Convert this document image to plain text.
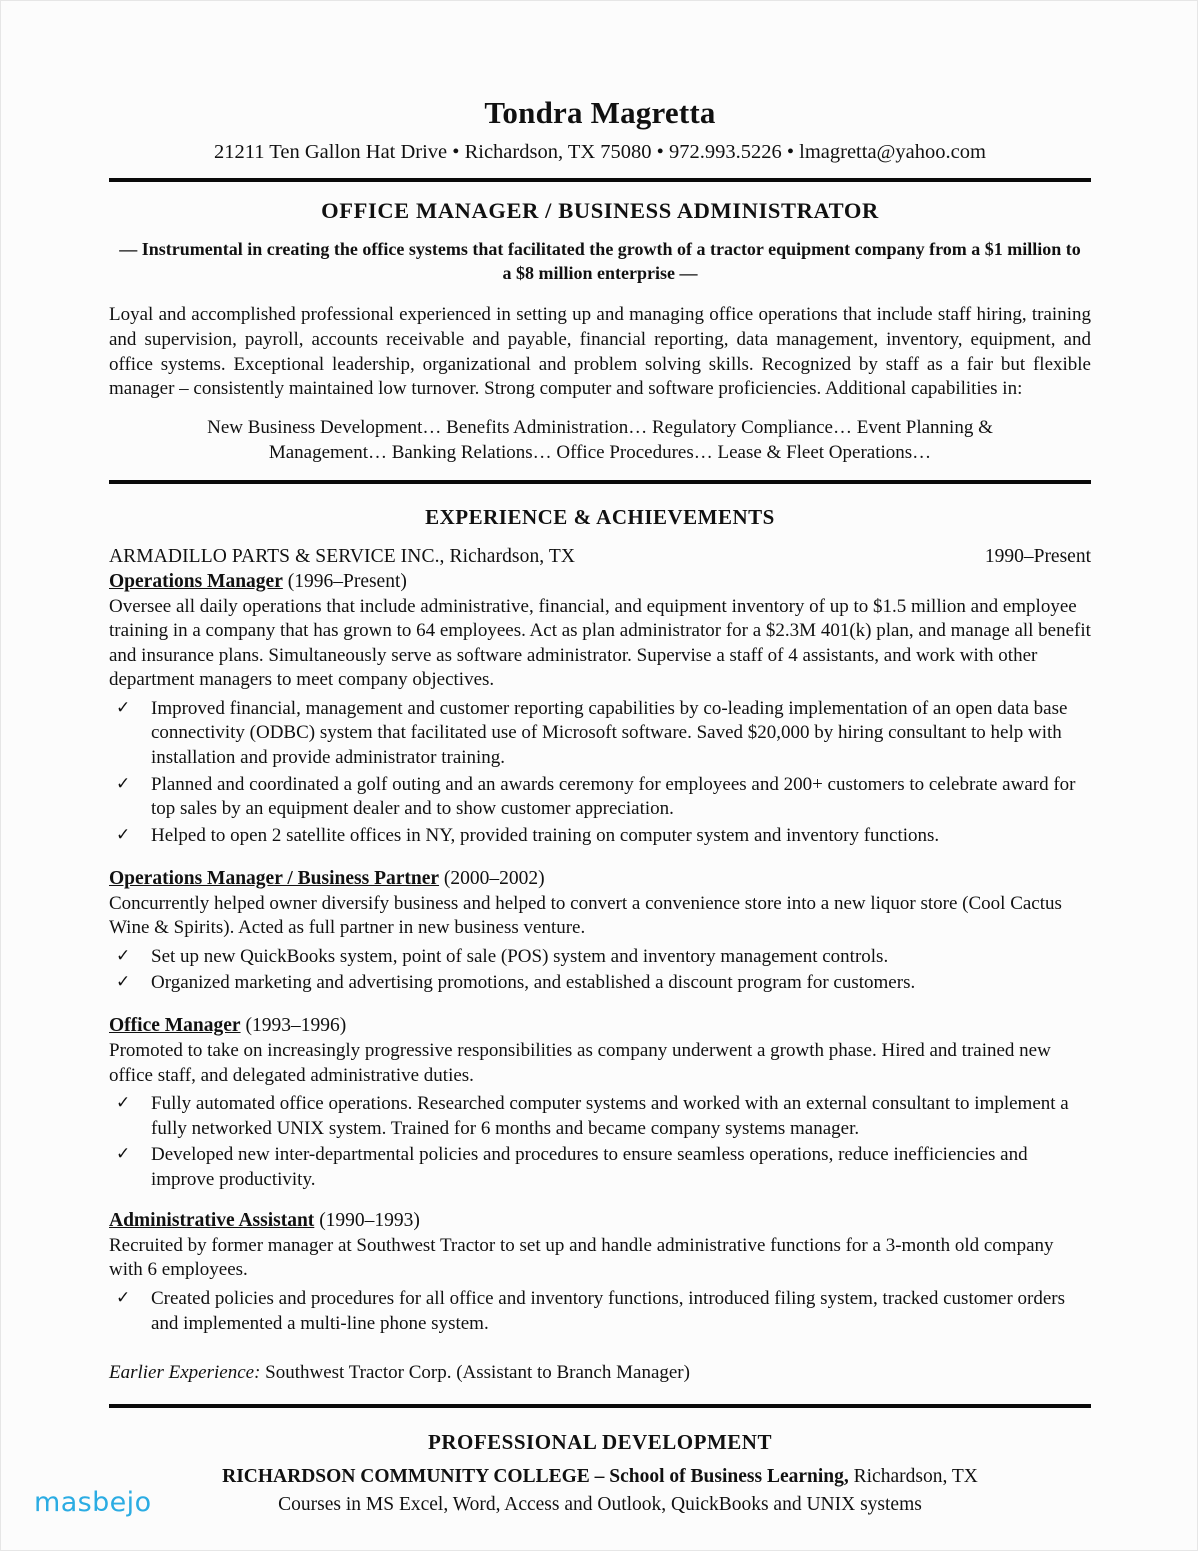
Tondra Magretta
21211 Ten Gallon Hat Drive • Richardson, TX 75080 • 972.993.5226 • lmagretta@yahoo.com
OFFICE MANAGER / BUSINESS ADMINISTRATOR
— Instrumental in creating the office systems that facilitated the growth of a tractor equipment company from a $1 million to a $8 million enterprise —
Loyal and accomplished professional experienced in setting up and managing office operations that include staff hiring, training and supervision, payroll, accounts receivable and payable, financial reporting, data management, inventory, equipment, and office systems. Exceptional leadership, organizational and problem solving skills. Recognized by staff as a fair but flexible manager – consistently maintained low turnover. Strong computer and software proficiencies. Additional capabilities in:
New Business Development… Benefits Administration… Regulatory Compliance… Event Planning & Management… Banking Relations… Office Procedures… Lease & Fleet Operations…
EXPERIENCE & ACHIEVEMENTS
ARMADILLO PARTS & SERVICE INC., Richardson, TX	1990–Present
Operations Manager (1996–Present)
Oversee all daily operations that include administrative, financial, and equipment inventory of up to $1.5 million and employee training in a company that has grown to 64 employees. Act as plan administrator for a $2.3M 401(k) plan, and manage all benefit and insurance plans. Simultaneously serve as software administrator. Supervise a staff of 4 assistants, and work with other department managers to meet company objectives.
✓ Improved financial, management and customer reporting capabilities by co-leading implementation of an open data base connectivity (ODBC) system that facilitated use of Microsoft software. Saved $20,000 by hiring consultant to help with installation and provide administrator training.
✓ Planned and coordinated a golf outing and an awards ceremony for employees and 200+ customers to celebrate award for top sales by an equipment dealer and to show customer appreciation.
✓ Helped to open 2 satellite offices in NY, provided training on computer system and inventory functions.
Operations Manager / Business Partner (2000–2002)
Concurrently helped owner diversify business and helped to convert a convenience store into a new liquor store (Cool Cactus Wine & Spirits). Acted as full partner in new business venture.
✓ Set up new QuickBooks system, point of sale (POS) system and inventory management controls.
✓ Organized marketing and advertising promotions, and established a discount program for customers.
Office Manager (1993–1996)
Promoted to take on increasingly progressive responsibilities as company underwent a growth phase. Hired and trained new office staff, and delegated administrative duties.
✓ Fully automated office operations. Researched computer systems and worked with an external consultant to implement a fully networked UNIX system. Trained for 6 months and became company systems manager.
✓ Developed new inter-departmental policies and procedures to ensure seamless operations, reduce inefficiencies and improve productivity.
Administrative Assistant (1990–1993)
Recruited by former manager at Southwest Tractor to set up and handle administrative functions for a 3-month old company with 6 employees.
✓ Created policies and procedures for all office and inventory functions, introduced filing system, tracked customer orders and implemented a multi-line phone system.
Earlier Experience: Southwest Tractor Corp. (Assistant to Branch Manager)
PROFESSIONAL DEVELOPMENT
RICHARDSON COMMUNITY COLLEGE – School of Business Learning, Richardson, TX
Courses in MS Excel, Word, Access and Outlook, QuickBooks and UNIX systems
masbejo
